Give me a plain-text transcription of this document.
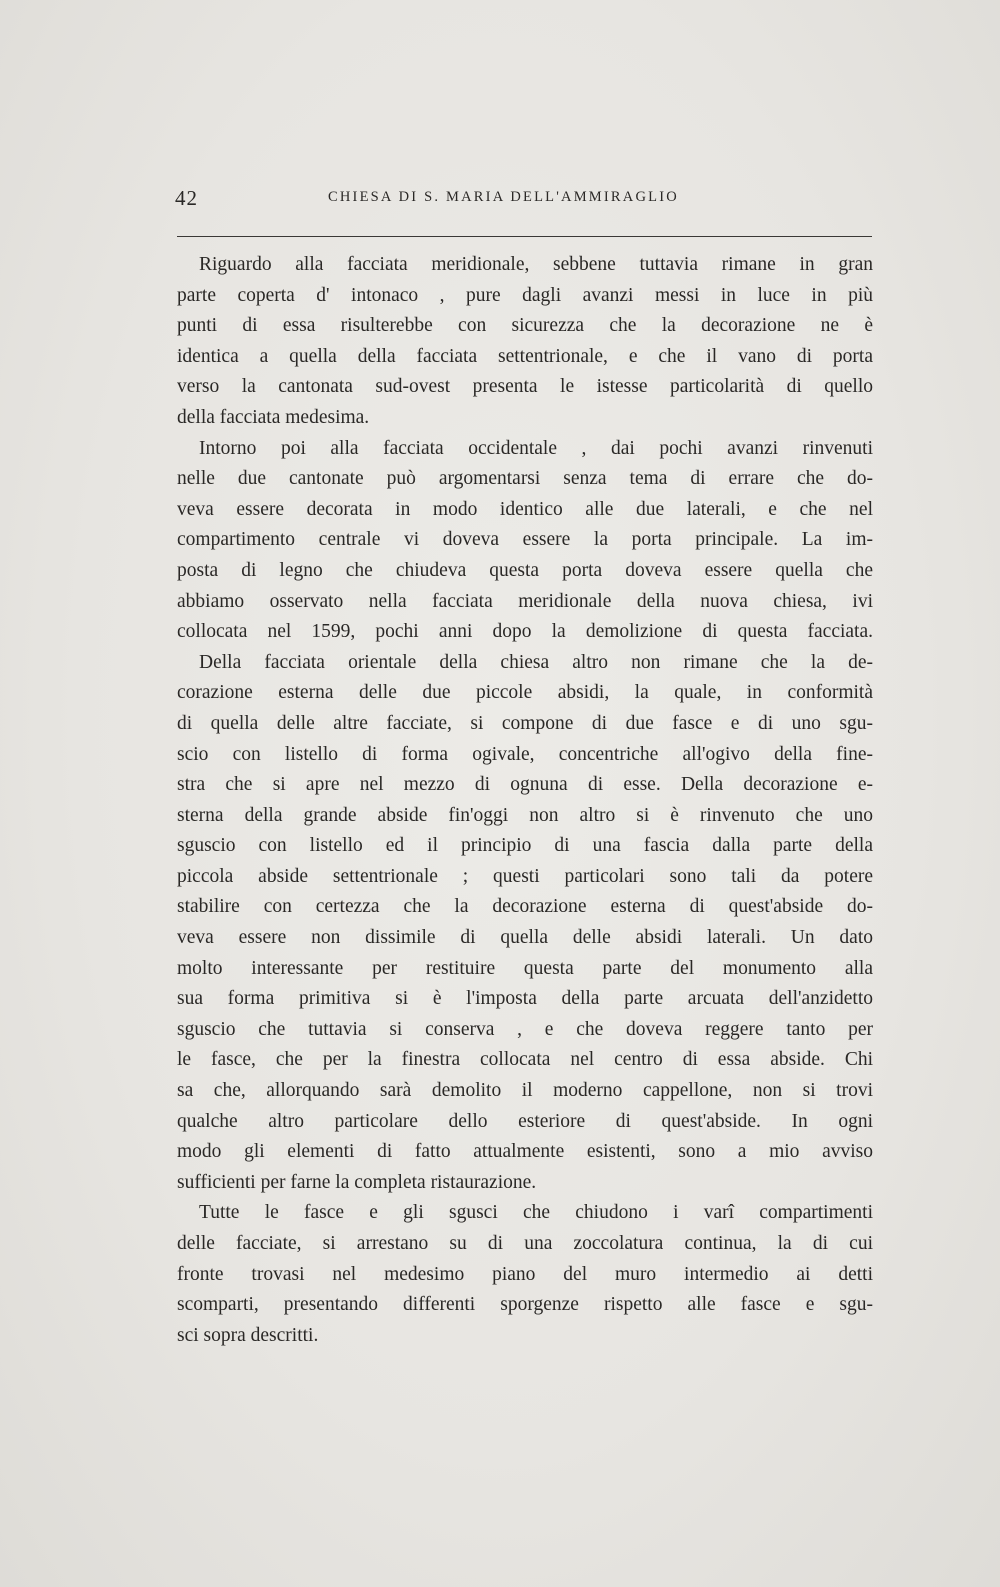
42	CHIESA DI S. MARIA DELL'AMMIRAGLIO
Riguardo alla facciata meridionale, sebbene tuttavia rimane in gran
parte coperta d' intonaco , pure dagli avanzi messi in luce in più
punti di essa risulterebbe con sicurezza che la decorazione ne è
identica a quella della facciata settentrionale, e che il vano di porta
verso la cantonata sud-ovest presenta le istesse particolarità di quello
della facciata medesima.
Intorno poi alla facciata occidentale , dai pochi avanzi rinvenuti
nelle due cantonate può argomentarsi senza tema di errare che do-
veva essere decorata in modo identico alle due laterali, e che nel
compartimento centrale vi doveva essere la porta principale. La im-
posta di legno che chiudeva questa porta doveva essere quella che
abbiamo osservato nella facciata meridionale della nuova chiesa, ivi
collocata nel 1599, pochi anni dopo la demolizione di questa facciata.
Della facciata orientale della chiesa altro non rimane che la de-
corazione esterna delle due piccole absidi, la quale, in conformità
di quella delle altre facciate, si compone di due fasce e di uno sgu-
scio con listello di forma ogivale, concentriche all'ogivo della fine-
stra che si apre nel mezzo di ognuna di esse. Della decorazione e-
sterna della grande abside fin'oggi non altro si è rinvenuto che uno
sguscio con listello ed il principio di una fascia dalla parte della
piccola abside settentrionale ; questi particolari sono tali da potere
stabilire con certezza che la decorazione esterna di quest'abside do-
veva essere non dissimile di quella delle absidi laterali. Un dato
molto interessante per restituire questa parte del monumento alla
sua forma primitiva si è l'imposta della parte arcuata dell'anzidetto
sguscio che tuttavia si conserva , e che doveva reggere tanto per
le fasce, che per la finestra collocata nel centro di essa abside. Chi
sa che, allorquando sarà demolito il moderno cappellone, non si trovi
qualche altro particolare dello esteriore di quest'abside. In ogni
modo gli elementi di fatto attualmente esistenti, sono a mio avviso
sufficienti per farne la completa ristaurazione.
Tutte le fasce e gli sgusci che chiudono i varî compartimenti
delle facciate, si arrestano su di una zoccolatura continua, la di cui
fronte trovasi nel medesimo piano del muro intermedio ai detti
scomparti, presentando differenti sporgenze rispetto alle fasce e sgu-
sci sopra descritti.
